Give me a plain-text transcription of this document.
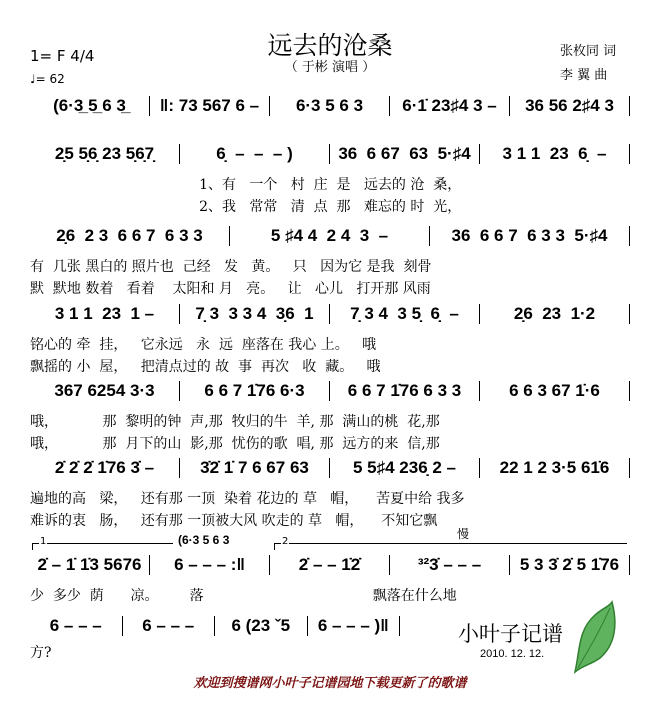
远去的沧桑
（ 于彬 演唱 ）
1= F 4/4
♩= 62
张枚同 词
李 翼 曲
(6·3̲ 5̲ 6 3̲	‖: 73 567 6 –	6·3 5 6 3	6·1̇ 23♯4 3 –	36 56 2♯4 3
2̣5 5̣6̣ 23 5̣6̣7̣	6̣  –  –  – )	36  6 67  63  5·♯4	3 1 1  23  6̣  –
1、有   一个   村  庄  是   远去的 沧  桑，
2、我   常常   清  点  那   难忘的 时  光，
2̣6  2 3  6 6 7  6 3 3	5 ♯4 4  2 4  3  –	36  6 6 7  6 3 3  5·♯4
有  几张 黑白的 照片也  己经   发   黄。   只   因为它 是我  刻骨
默  默地 数着   看着    太阳和 月   亮。   让   心儿   打开那 风雨
3 1 1  23  1 –	7̣ 3  3 3 4  3̣6  1	7̣ 3 4  3 5̣  6̣  –	2̣6  23  1·2
铭心的 牵  挂，   它永远   永  远  座落在 我心 上。   哦
飘摇的 小  屋，   把清点过的 故  事  再次   收  藏。   哦
367 6254 3·3	6 6 7 1̇76 6·3	6 6 7 1̇76 6 3 3	6 6 3 67 1̇·6
哦，          那  黎明的钟  声,那  牧归的牛  羊, 那  满山的桃  花,那
哦，          那  月下的山  影,那  忧伤的歌  唱, 那  远方的来  信,那
2̇ 2̇ 2̇ 1̇76 3̇ –	3̇2̇ 1̇ 7 6 67 63	5 5♯4 236̣ 2 –	22 1 2 3·5 61̇6
遍地的高   梁，   还有那 一顶  染着 花边的 草   帽，    苦夏中给 我多
难诉的衷   肠，   还有那 一顶被大风 吹走的 草   帽，    不知它飘
2̇ – 1̇ 1̇3 5676	6 – – – :‖	2̇ – – 1̇2̇	³²3̇ – – –	5 3 3̇ 2̇ 5 1̇76
少  多少  荫      凉。       落                                      飘落在什么地
6 – – –	6 – – –	6 (23 ˇ5	6 – – – )‖
方?
1	(6·3 5 6 3	2
慢
小叶子记谱
2010. 12. 12.
欢迎到搜谱网小叶子记谱园地下载更新了的歌谱
